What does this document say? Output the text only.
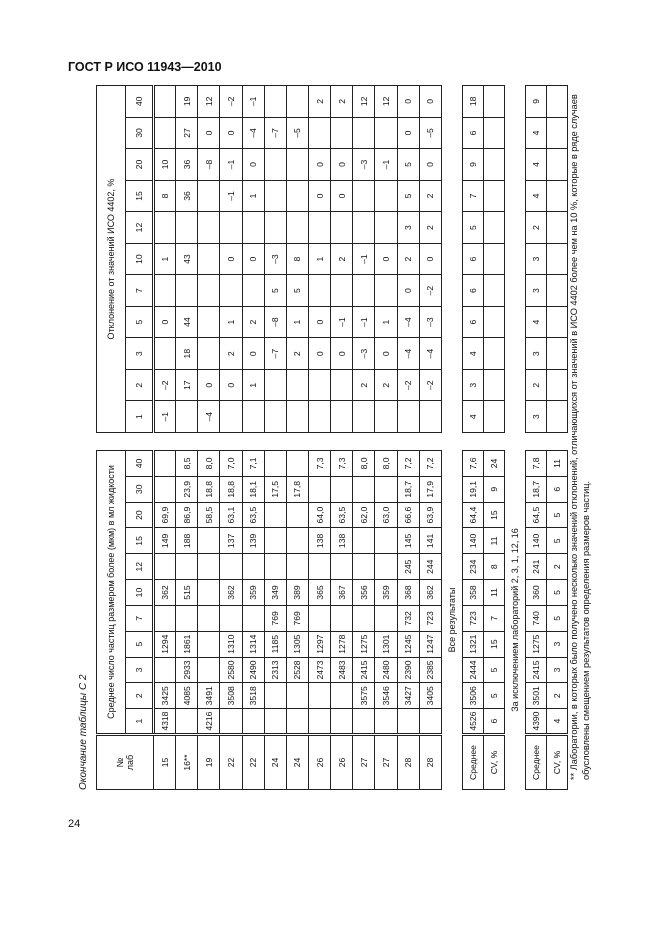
ГОСТ Р ИСО 11943—2010
24
Окончание таблицы С 2	№ лаб	Среднее число частиц размером более (мкм) в мл жидкости										
	1	2	3	5	7	10	12	15	20	30	40
15	4318	3425		1294		362		149	69,9		
16**		4085	2933	1861		515		188	86,9	23,9	8,5
19	4216	3491							58,5	18,8	8,0
22		3508	2580	1310		362		137	63,1	18,8	7,0
22		3518	2490	1314		359		139	63,5	18,1	7,1
24			2313	1185	769	349				17,5	
24			2528	1305	769	389				17,8	
26			2473	1297		365		138	64,0		7,3
26			2483	1278		367		138	63,5		7,3
27		3575	2415	1275		356			62,0		8,0
27		3546	2480	1301		359			63,0		8,0
28		3427	2390	1245	732	368	245	145	66,6	18,7	7,2
28		3405	2385	1247	723	362	244	141	63,9	17,9	7,2
Все результаты											
Среднее	4526	3506	2444	1321	723	358	234	140	64,4	19,1	7,6
CV, %	6	5	5	15	7	11	8	11	15	9	24
За исключением лабораторий 2, 3, 1, 12, 16											
Среднее	4390	3501	2415	1275	740	360	241	140	64,5	18,7	7,8
CV, %	4	2	3	3	5	5	2	5	5	6	11
Отклонение от значений ИСО 4402, %										
1	2	3	5	7	10	12	15	20	30	40
–1	–2		0		1		8	10		
	17	18	44		43		36	36	27	19
–4	0							–8	0	12
	0	2	1		0		–1	–1	0	–2
	1	0	2		0		1	0	–4	–1
		–7	–8	5	–3				–7	
		2	1	5	8				–5	
		0	0		1		0	0		2
		0	–1		2		0	0		2
	2	–3	–1		–1			–3		12
	2	0	1		0			–1		12
	–2	–4	–4	0	2	3	5	5	0	0
	–2	–4	–3	–2	0	2	2	0	–5	0

4	3	4	6	6	6	5	7	9	6	18

3	2	3	4	3	3	2	4	4	4	9
											** Лаборатории, в которых было получено несколько значений отклонений, отличающихся от значений в ИСО 4402 более чем на 10 %, которые в ряде случаев обусловлены смещением результатов определения размеров частиц.
